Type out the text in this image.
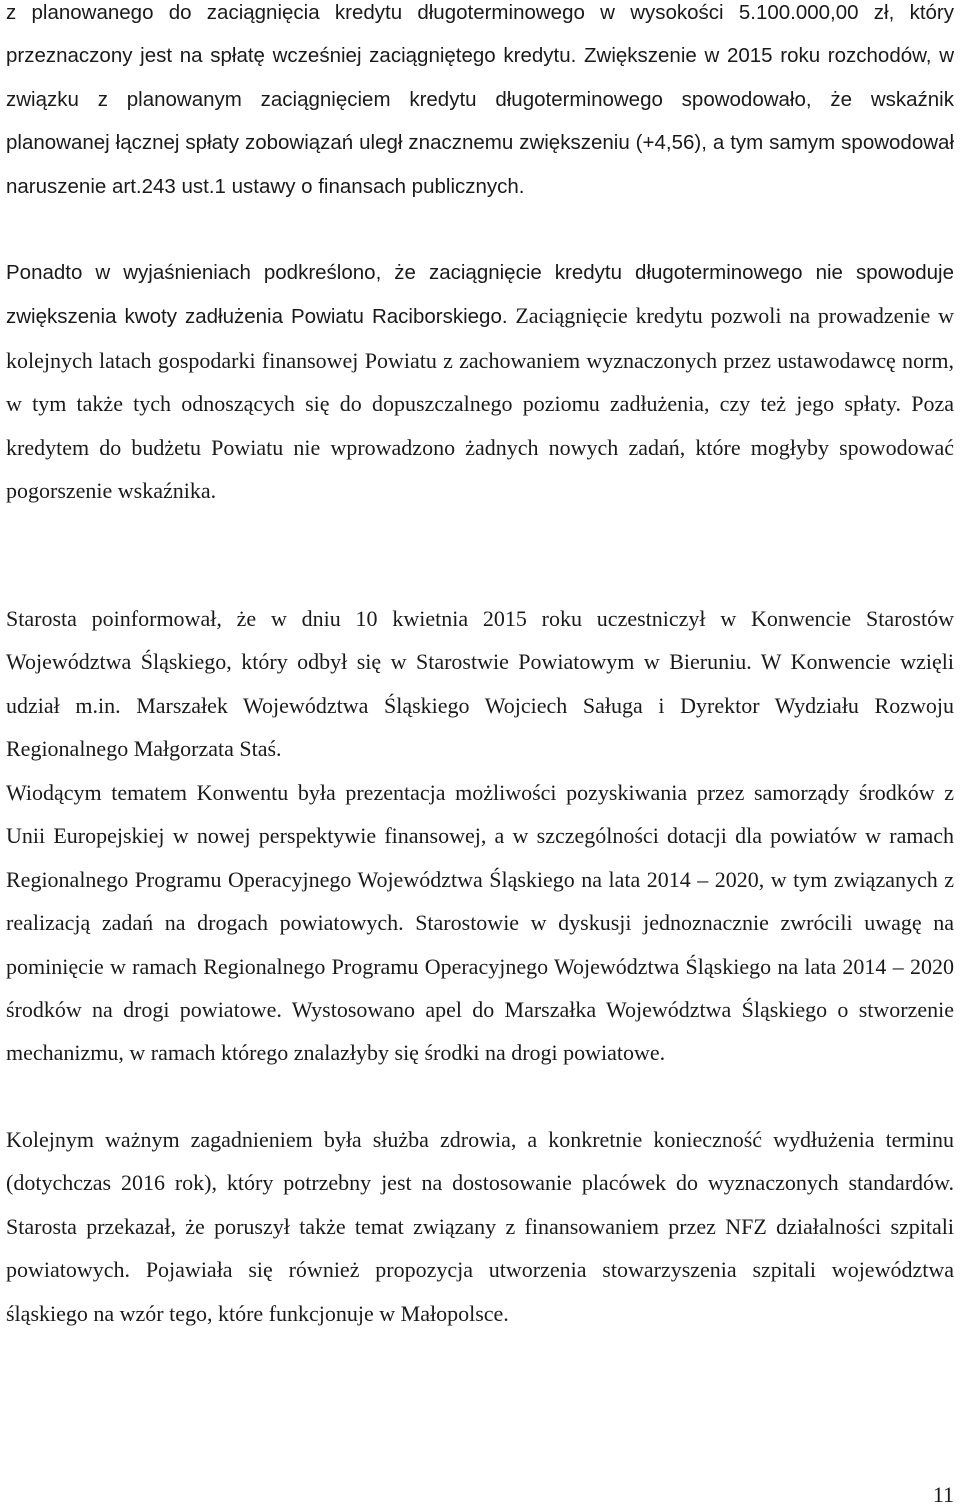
z planowanego do zaciągnięcia kredytu długoterminowego w wysokości 5.100.000,00 zł, który przeznaczony jest na spłatę wcześniej zaciągniętego kredytu. Zwiększenie w 2015 roku rozchodów, w związku z planowanym zaciągnięciem kredytu długoterminowego spowodowało, że wskaźnik planowanej łącznej spłaty zobowiązań uległ znacznemu zwiększeniu (+4,56), a tym samym spowodował naruszenie art.243 ust.1 ustawy o finansach publicznych.

Ponadto w wyjaśnieniach podkreślono, że zaciągnięcie kredytu długoterminowego nie spowoduje zwiększenia kwoty zadłużenia Powiatu Raciborskiego. Zaciągnięcie kredytu pozwoli na prowadzenie w kolejnych latach gospodarki finansowej Powiatu z zachowaniem wyznaczonych przez ustawodawcę norm, w tym także tych odnoszących się do dopuszczalnego poziomu zadłużenia, czy też jego spłaty. Poza kredytem do budżetu Powiatu nie wprowadzono żadnych nowych zadań, które mogłyby spowodować pogorszenie wskaźnika.

Starosta poinformował, że w dniu 10 kwietnia 2015 roku uczestniczył w Konwencie Starostów Województwa Śląskiego, który odbył się w Starostwie Powiatowym w Bieruniu. W Konwencie wzięli udział m.in. Marszałek Województwa Śląskiego Wojciech Saługa i Dyrektor Wydziału Rozwoju Regionalnego Małgorzata Staś.

Wiodącym tematem Konwentu była prezentacja możliwości pozyskiwania przez samorządy środków z Unii Europejskiej w nowej perspektywie finansowej, a w szczególności dotacji dla powiatów w ramach Regionalnego Programu Operacyjnego Województwa Śląskiego na lata 2014 – 2020, w tym związanych z realizacją zadań na drogach powiatowych. Starostowie w dyskusji jednoznacznie zwrócili uwagę na pominięcie w ramach Regionalnego Programu Operacyjnego Województwa Śląskiego na lata 2014 – 2020 środków na drogi powiatowe. Wystosowano apel do Marszałka Województwa Śląskiego o stworzenie mechanizmu, w ramach którego znalazłyby się środki na drogi powiatowe.

Kolejnym ważnym zagadnieniem była służba zdrowia, a konkretnie konieczność wydłużenia terminu (dotychczas 2016 rok), który potrzebny jest na dostosowanie placówek do wyznaczonych standardów. Starosta przekazał, że poruszył także temat związany z finansowaniem przez NFZ działalności szpitali powiatowych. Pojawiała się również propozycja utworzenia stowarzyszenia szpitali województwa śląskiego na wzór tego, które funkcjonuje w Małopolsce.

11
